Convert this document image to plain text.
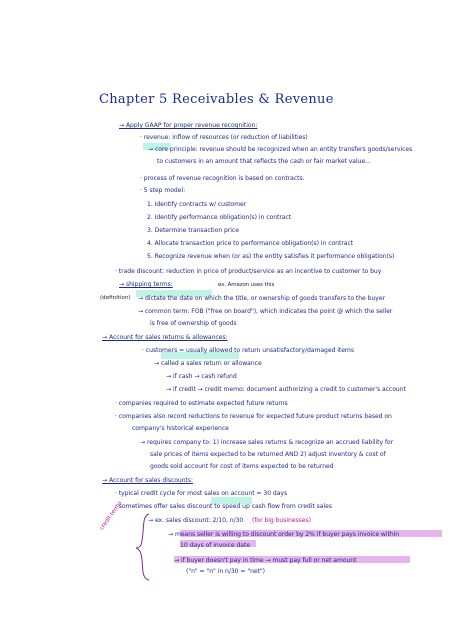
Chapter 5 Receivables & Revenue
→ Apply GAAP for proper revenue recognition:
· revenue: inflow of resources (or reduction of liabilities)
→ core principle: revenue should be recognized when an entity transfers goods/services
to customers in an amount that reflects the cash or fair market value...
· process of revenue recognition is based on contracts.
· 5 step model:
1. Identify contracts w/ customer
2. Identify performance obligation(s) in contract
3. Determine transaction price
4. Allocate transaction price to performance obligation(s) in contract
5. Recognize revenue when (or as) the entity satisfies it performance obligation(s)
· trade discount: reduction in price of product/service as an incentive to customer to buy
→ shipping terms:	ex. Amazon uses this
(definition) → dictate the date on which the title, or ownership of goods transfers to the buyer
→ common term: FOB ("free on board"), which indicates the point @ which the seller
is free of ownership of goods
→ Account for sales returns & allowances:
· customers = usually allowed to return unsatisfactory/damaged items
→ called a sales return or allowance
→ if cash → cash refund
→ if credit → credit memo: document authorizing a credit to customer's account
· companies required to estimate expected future returns
· companies also record reductions to revenue for expected future product returns based on
company's historical experience
→ requires company to: 1) increase sales returns & recognize an accrued liability for
sale prices of items expected to be returned AND 2) adjust inventory & cost of
goods sold account for cost of items expected to be returned
→ Account for sales discounts:
· typical credit cycle for most sales on account = 30 days
· sometimes offer sales discount to speed up cash flow from credit sales
→ ex. sales discount: 2/10, n/30 (for big businesses)
→ means seller is willing to discount order by 2% if buyer pays invoice within
10 days of invoice date
→ if buyer doesn't pay in time → must pay full or net amount
("n" = "n" in n/30 = "net")
credit terms
